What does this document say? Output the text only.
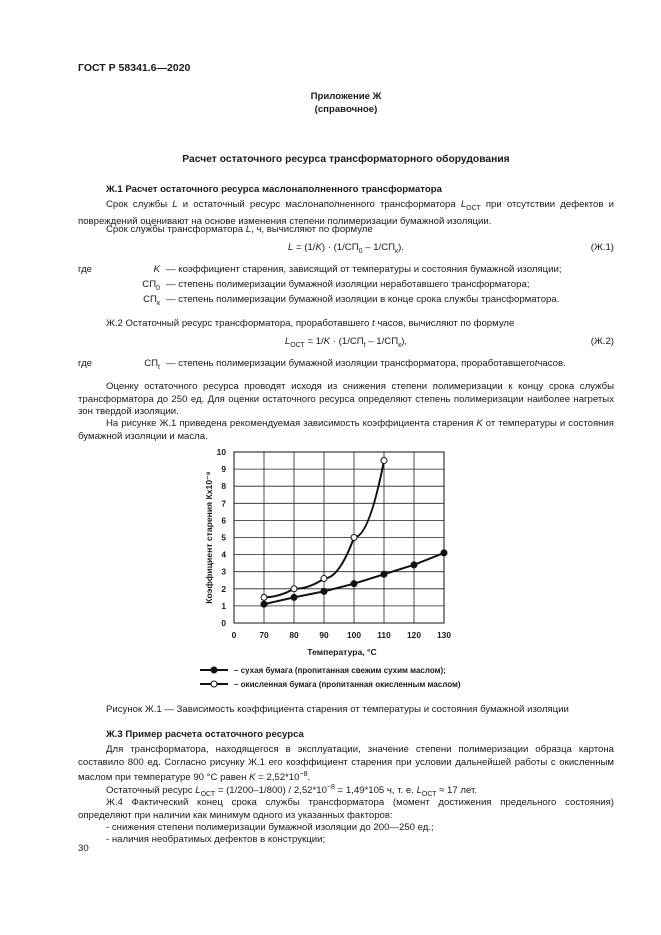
ГОСТ Р 58341.6—2020
Приложение Ж
(справочное)
Расчет остаточного ресурса трансформаторного оборудования
Ж.1 Расчет остаточного ресурса маслонаполненного трансформатора
Срок службы L и остаточный ресурс маслонаполненного трансформатора $L_{ОСТ}$ при отсутствии дефектов и повреждений оценивают на основе изменения степени полимеризации бумажной изоляции.
Срок службы трансформатора L, ч, вычисляют по формуле
$L = (1/K) \cdot (1/СП_0 - 1/СП_к)$.	(Ж.1)
где	K — коэффициент старения, зависящий от температуры и состояния бумажной изоляции;
$СП_0$ — степень полимеризации бумажной изоляции неработавшего трансформатора;
$СП_к$ — степень полимеризации бумажной изоляции в конце срока службы трансформатора.
Ж.2 Остаточный ресурс трансформатора, проработавшего t часов, вычисляют по формуле
$L_{ОСТ} = 1/K \cdot (1/СП_t - 1/СП_к)$,	(Ж.2)
где	$СП_t$ — степень полимеризации бумажной изоляции трансформатора, проработавшего t часов.
Оценку остаточного ресурса проводят исходя из снижения степени полимеризации к концу срока службы трансформатора до 250 ед. Для оценки остаточного ресурса определяют степень полимеризации наиболее нагретых зон твердой изоляции.
На рисунке Ж.1 приведена рекомендуемая зависимость коэффициента старения K от температуры и состояния бумажной изоляции и масла.
0
1
2
3
4
5
6
7
8
9
10
0	70 80 90 100 110 120 130
Коэффициент старения Кх10⁻⁸
Температура, °С
– сухая бумага (пропитанная свежим сухим маслом);
– окисленная бумага (пропитанная окисленным маслом)
Рисунок Ж.1 — Зависимость коэффициента старения от температуры и состояния бумажной изоляции
Ж.3 Пример расчета остаточного ресурса
Для трансформатора, находящегося в эксплуатации, значение степени полимеризации образца картона составило 800 ед. Согласно рисунку Ж.1 его коэффициент старения при условии дальнейшей работы с окисленным маслом при температуре 90 °С равен $K = 2,52*10^{-8}$.
Остаточный ресурс $L_{ОСТ} = (1/200-1/800) / 2,52*10^{-8} = 1,49*105$ ч, т. е. $L_{ОСТ} \approx 17$ лет.
Ж.4 Фактический конец срока службы трансформатора (момент достижения предельного состояния) определяют при наличии как минимум одного из указанных факторов:
- снижения степени полимеризации бумажной изоляции до 200—250 ед.;
- наличия необратимых дефектов в конструкции;
30
